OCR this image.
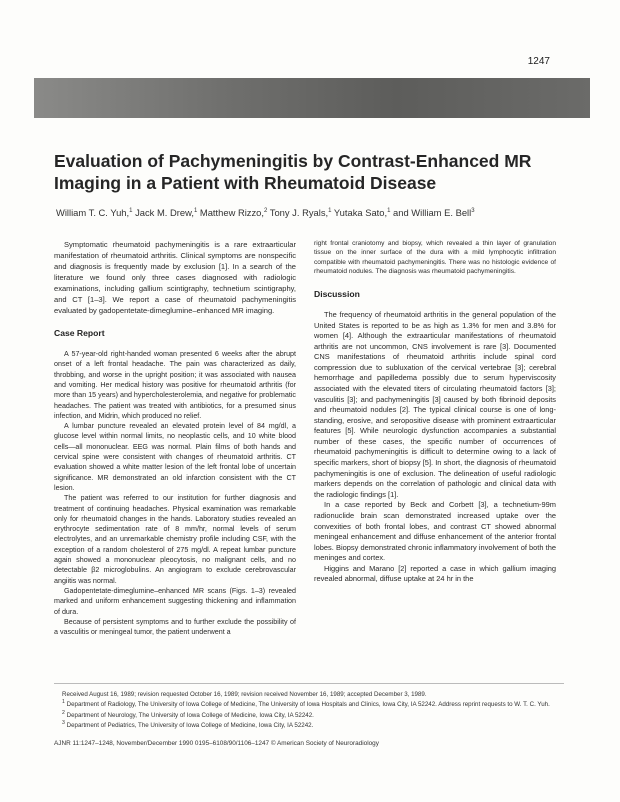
1247
Evaluation of Pachymeningitis by Contrast-Enhanced MR Imaging in a Patient with Rheumatoid Disease
William T. C. Yuh,$^1$ Jack M. Drew,$^1$ Matthew Rizzo,$^2$ Tony J. Ryals,$^1$ Yutaka Sato,$^1$ and William E. Bell$^3$

Symptomatic rheumatoid pachymeningitis is a rare extraarticular manifestation of rheumatoid arthritis. Clinical symptoms are nonspecific and diagnosis is frequently made by exclusion [1]. In a search of the literature we found only three cases diagnosed with radiologic examinations, including gallium scintigraphy, technetium scintigraphy, and CT [1–3]. We report a case of rheumatoid pachymeningitis evaluated by gadopentetate-dimeglumine–enhanced MR imaging.

Case Report

A 57-year-old right-handed woman presented 6 weeks after the abrupt onset of a left frontal headache. The pain was characterized as daily, throbbing, and worse in the upright position; it was associated with nausea and vomiting. Her medical history was positive for rheumatoid arthritis (for more than 15 years) and hypercholesterolemia, and negative for problematic headaches. The patient was treated with antibiotics, for a presumed sinus infection, and Midrin, which produced no relief.

A lumbar puncture revealed an elevated protein level of 84 mg/dl, a glucose level within normal limits, no neoplastic cells, and 10 white blood cells—all mononuclear. EEG was normal. Plain films of both hands and cervical spine were consistent with changes of rheumatoid arthritis. CT evaluation showed a white matter lesion of the left frontal lobe of uncertain significance. MR demonstrated an old infarction consistent with the CT lesion.

The patient was referred to our institution for further diagnosis and treatment of continuing headaches. Physical examination was remarkable only for rheumatoid changes in the hands. Laboratory studies revealed an erythrocyte sedimentation rate of 8 mm/hr, normal levels of serum electrolytes, and an unremarkable chemistry profile including CSF, with the exception of a random cholesterol of 275 mg/dl. A repeat lumbar puncture again showed a mononuclear pleocytosis, no malignant cells, and no detectable β2 microglobulins. An angiogram to exclude cerebrovascular angiitis was normal.

Gadopentetate-dimeglumine–enhanced MR scans (Figs. 1–3) revealed marked and uniform enhancement suggesting thickening and inflammation of dura.

Because of persistent symptoms and to further exclude the possibility of a vasculitis or meningeal tumor, the patient underwent a

right frontal craniotomy and biopsy, which revealed a thin layer of granulation tissue on the inner surface of the dura with a mild lymphocytic infiltration compatible with rheumatoid pachymeningitis. There was no histologic evidence of rheumatoid nodules. The diagnosis was rheumatoid pachymeningitis.

Discussion

The frequency of rheumatoid arthritis in the general population of the United States is reported to be as high as 1.3% for men and 3.8% for women [4]. Although the extraarticular manifestations of rheumatoid arthritis are not uncommon, CNS involvement is rare [3]. Documented CNS manifestations of rheumatoid arthritis include spinal cord compression due to subluxation of the cervical vertebrae [3]; cerebral hemorrhage and papilledema possibly due to serum hyperviscosity associated with the elevated titers of circulating rheumatoid factors [3]; vasculitis [3]; and pachymeningitis [3] caused by both fibrinoid deposits and rheumatoid nodules [2]. The typical clinical course is one of long-standing, erosive, and seropositive disease with prominent extraarticular features [5]. While neurologic dysfunction accompanies a substantial number of these cases, the specific number of occurrences of rheumatoid pachymeningitis is difficult to determine owing to a lack of specific markers, short of biopsy [5]. In short, the diagnosis of rheumatoid pachymeningitis is one of exclusion. The delineation of useful radiologic markers depends on the correlation of pathologic and clinical data with the radiologic findings [1].

In a case reported by Beck and Corbett [3], a technetium-99m radionuclide brain scan demonstrated increased uptake over the convexities of both frontal lobes, and contrast CT showed abnormal meningeal enhancement and diffuse enhancement of the anterior frontal lobes. Biopsy demonstrated chronic inflammatory involvement of both the meninges and cortex.

Higgins and Marano [2] reported a case in which gallium imaging revealed abnormal, diffuse uptake at 24 hr in the

Received August 16, 1989; revision requested October 16, 1989; revision received November 16, 1989; accepted December 3, 1989.
$^1$ Department of Radiology, The University of Iowa College of Medicine, The University of Iowa Hospitals and Clinics, Iowa City, IA 52242. Address reprint requests to W. T. C. Yuh.
$^2$ Department of Neurology, The University of Iowa College of Medicine, Iowa City, IA 52242.
$^3$ Department of Pediatrics, The University of Iowa College of Medicine, Iowa City, IA 52242.
AJNR 11:1247–1248, November/December 1990 0195–6108/90/1106–1247 © American Society of Neuroradiology
